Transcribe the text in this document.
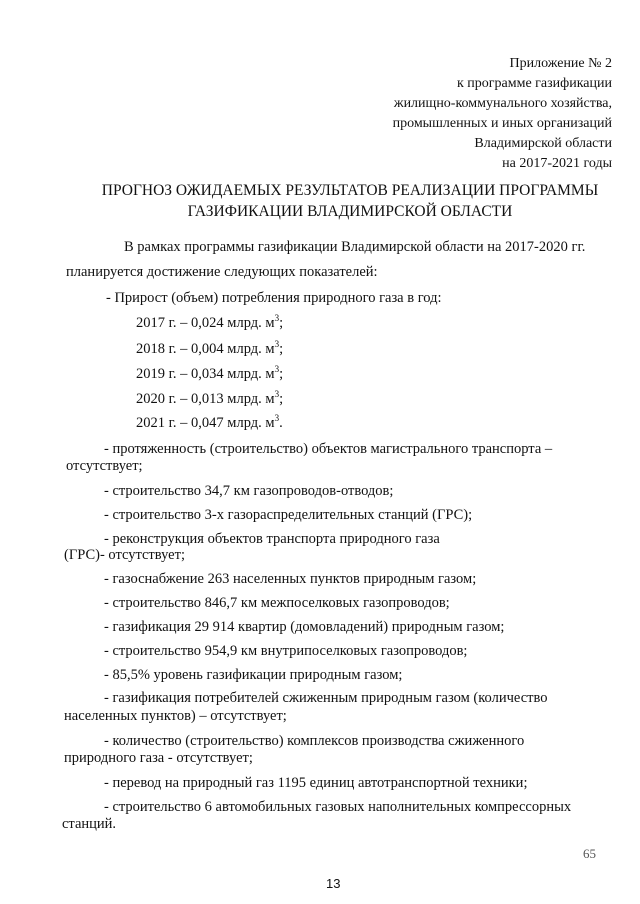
Приложение № 2
к программе газификации
жилищно-коммунального хозяйства,
промышленных и иных организаций
Владимирской области
на 2017-2021 годы
ПРОГНОЗ ОЖИДАЕМЫХ РЕЗУЛЬТАТОВ РЕАЛИЗАЦИИ ПРОГРАММЫ
ГАЗИФИКАЦИИ ВЛАДИМИРСКОЙ ОБЛАСТИ
В рамках программы газификации Владимирской области на 2017-2020 гг.
планируется достижение следующих показателей:
- Прирост (объем) потребления природного газа в год:
2017 г. – 0,024 млрд. $м^3$;
2018 г. – 0,004 млрд. $м^3$;
2019 г. – 0,034 млрд. $м^3$;
2020 г. – 0,013 млрд. $м^3$;
2021 г. – 0,047 млрд. $м^3$.
- протяженность (строительство) объектов магистрального транспорта –
отсутствует;
- строительство 34,7 км газопроводов-отводов;
- строительство 3-х газораспределительных станций (ГРС);
- реконструкция объектов транспорта природного газа
(ГРС)- отсутствует;
- газоснабжение 263 населенных пунктов природным газом;
- строительство 846,7 км межпоселковых газопроводов;
- газификация 29 914 квартир (домовладений) природным газом;
- строительство 954,9 км внутрипоселковых газопроводов;
- 85,5% уровень газификации природным газом;
- газификация потребителей сжиженным природным газом (количество
населенных пунктов) – отсутствует;
- количество (строительство) комплексов производства сжиженного
природного газа - отсутствует;
- перевод на природный газ 1195 единиц автотранспортной техники;
- строительство 6 автомобильных газовых наполнительных компрессорных
станций.
65
13
